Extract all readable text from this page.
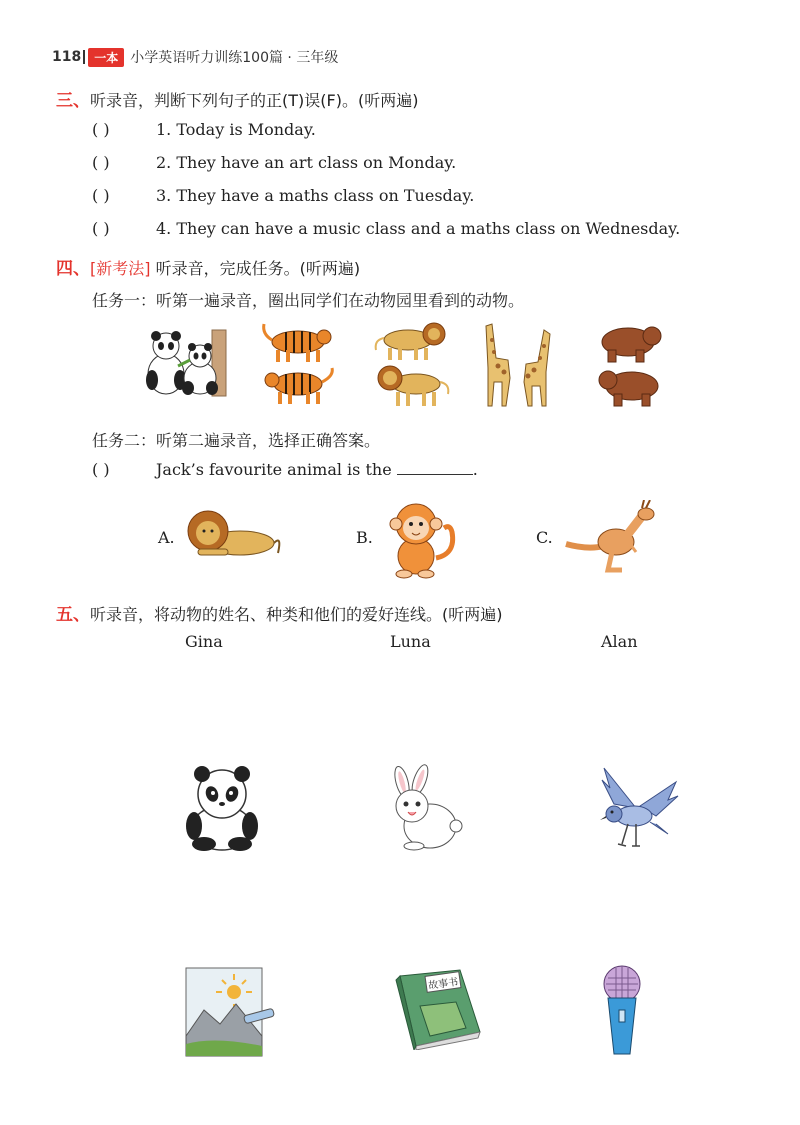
118	一本 小学英语听力训练100篇 · 三年级
三、听录音，判断下列句子的正(T)误(F)。(听两遍)
( )	1. Today is Monday.
( )	2. They have an art class on Monday.
( )	3. They have a maths class on Tuesday.
( )	4. They can have a music class and a maths class on Wednesday.
四、[新考法] 听录音，完成任务。(听两遍)
任务一：听第一遍录音，圈出同学们在动物园里看到的动物。
任务二：听第二遍录音，选择正确答案。
( )	Jack’s favourite animal is the	.
A.	B.	C.
五、听录音，将动物的姓名、种类和他们的爱好连线。(听两遍)
Gina	Luna	Alan
故事书
